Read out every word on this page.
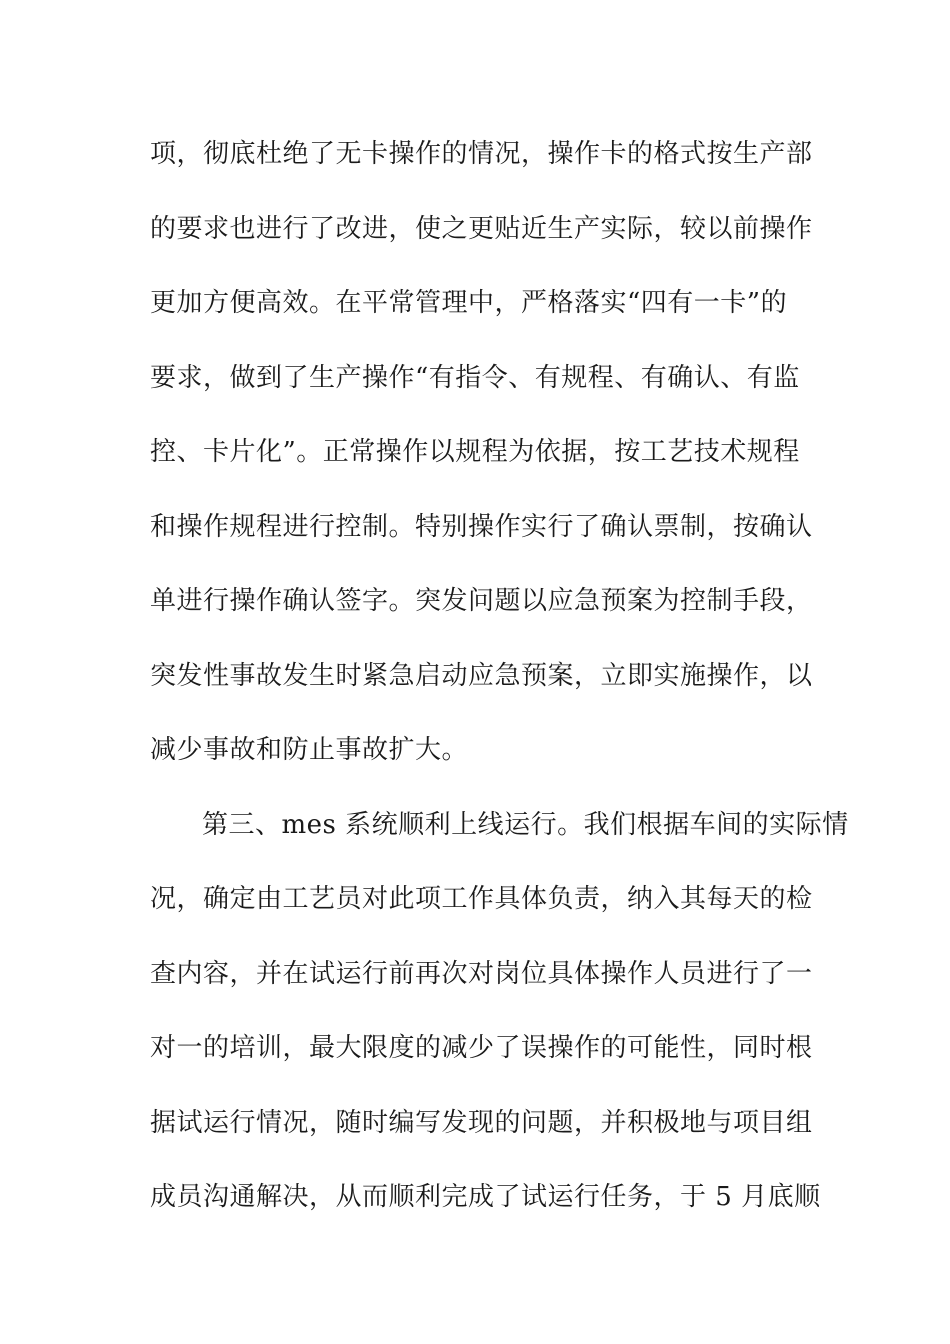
项，彻底杜绝了无卡操作的情况，操作卡的格式按生产部
的要求也进行了改进，使之更贴近生产实际，较以前操作
更加方便高效。在平常管理中，严格落实“四有一卡”的
要求，做到了生产操作“有指令、有规程、有确认、有监
控、卡片化”。正常操作以规程为依据，按工艺技术规程
和操作规程进行控制。特别操作实行了确认票制，按确认
单进行操作确认签字。突发问题以应急预案为控制手段，
突发性事故发生时紧急启动应急预案，立即实施操作，以
减少事故和防止事故扩大。
第三、mes 系统顺利上线运行。我们根据车间的实际情
况，确定由工艺员对此项工作具体负责，纳入其每天的检
查内容，并在试运行前再次对岗位具体操作人员进行了一
对一的培训，最大限度的减少了误操作的可能性，同时根
据试运行情况，随时编写发现的问题，并积极地与项目组
成员沟通解决，从而顺利完成了试运行任务，于 5 月底顺
